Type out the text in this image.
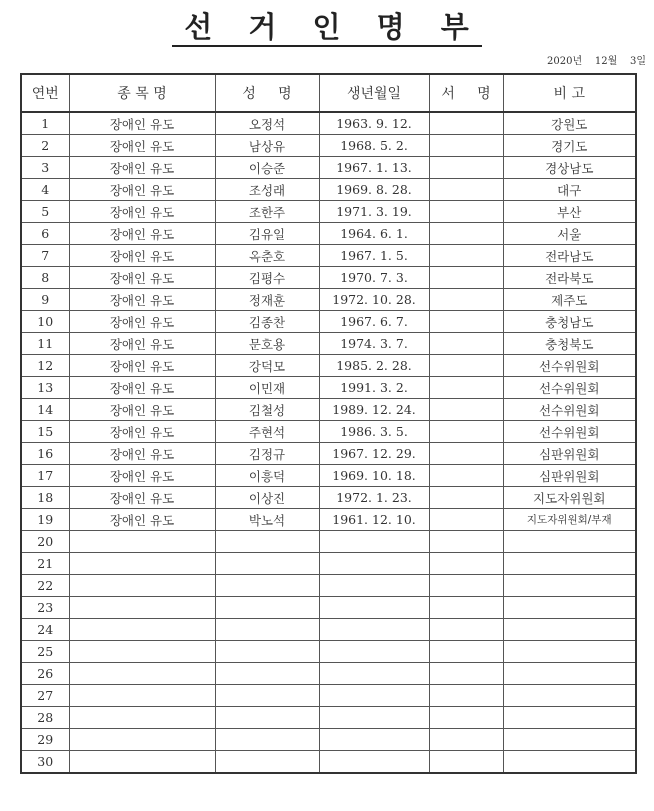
선 거 인 명 부
2020년    12월    3일
연번	종 목 명	성     명	생년월일	서     명	비 고
1	장애인 유도	오정석	1963. 9. 12.		강원도
2	장애인 유도	남상유	1968. 5. 2.		경기도
3	장애인 유도	이승준	1967. 1. 13.		경상남도
4	장애인 유도	조성래	1969. 8. 28.		대구
5	장애인 유도	조한주	1971. 3. 19.		부산
6	장애인 유도	김유일	1964. 6. 1.		서울
7	장애인 유도	옥춘호	1967. 1. 5.		전라남도
8	장애인 유도	김평수	1970. 7. 3.		전라북도
9	장애인 유도	정재훈	1972. 10. 28.		제주도
10	장애인 유도	김종찬	1967. 6. 7.		충청남도
11	장애인 유도	문호용	1974. 3. 7.		충청북도
12	장애인 유도	강덕모	1985. 2. 28.		선수위원회
13	장애인 유도	이민재	1991. 3. 2.		선수위원회
14	장애인 유도	김철성	1989. 12. 24.		선수위원회
15	장애인 유도	주현석	1986. 3. 5.		선수위원회
16	장애인 유도	김정규	1967. 12. 29.		심판위원회
17	장애인 유도	이흥덕	1969. 10. 18.		심판위원회
18	장애인 유도	이상진	1972. 1. 23.		지도자위원회
19	장애인 유도	박노석	1961. 12. 10.		지도자위원회/부재
20					
21					
22					
23					
24					
25					
26					
27					
28					
29					
30					
